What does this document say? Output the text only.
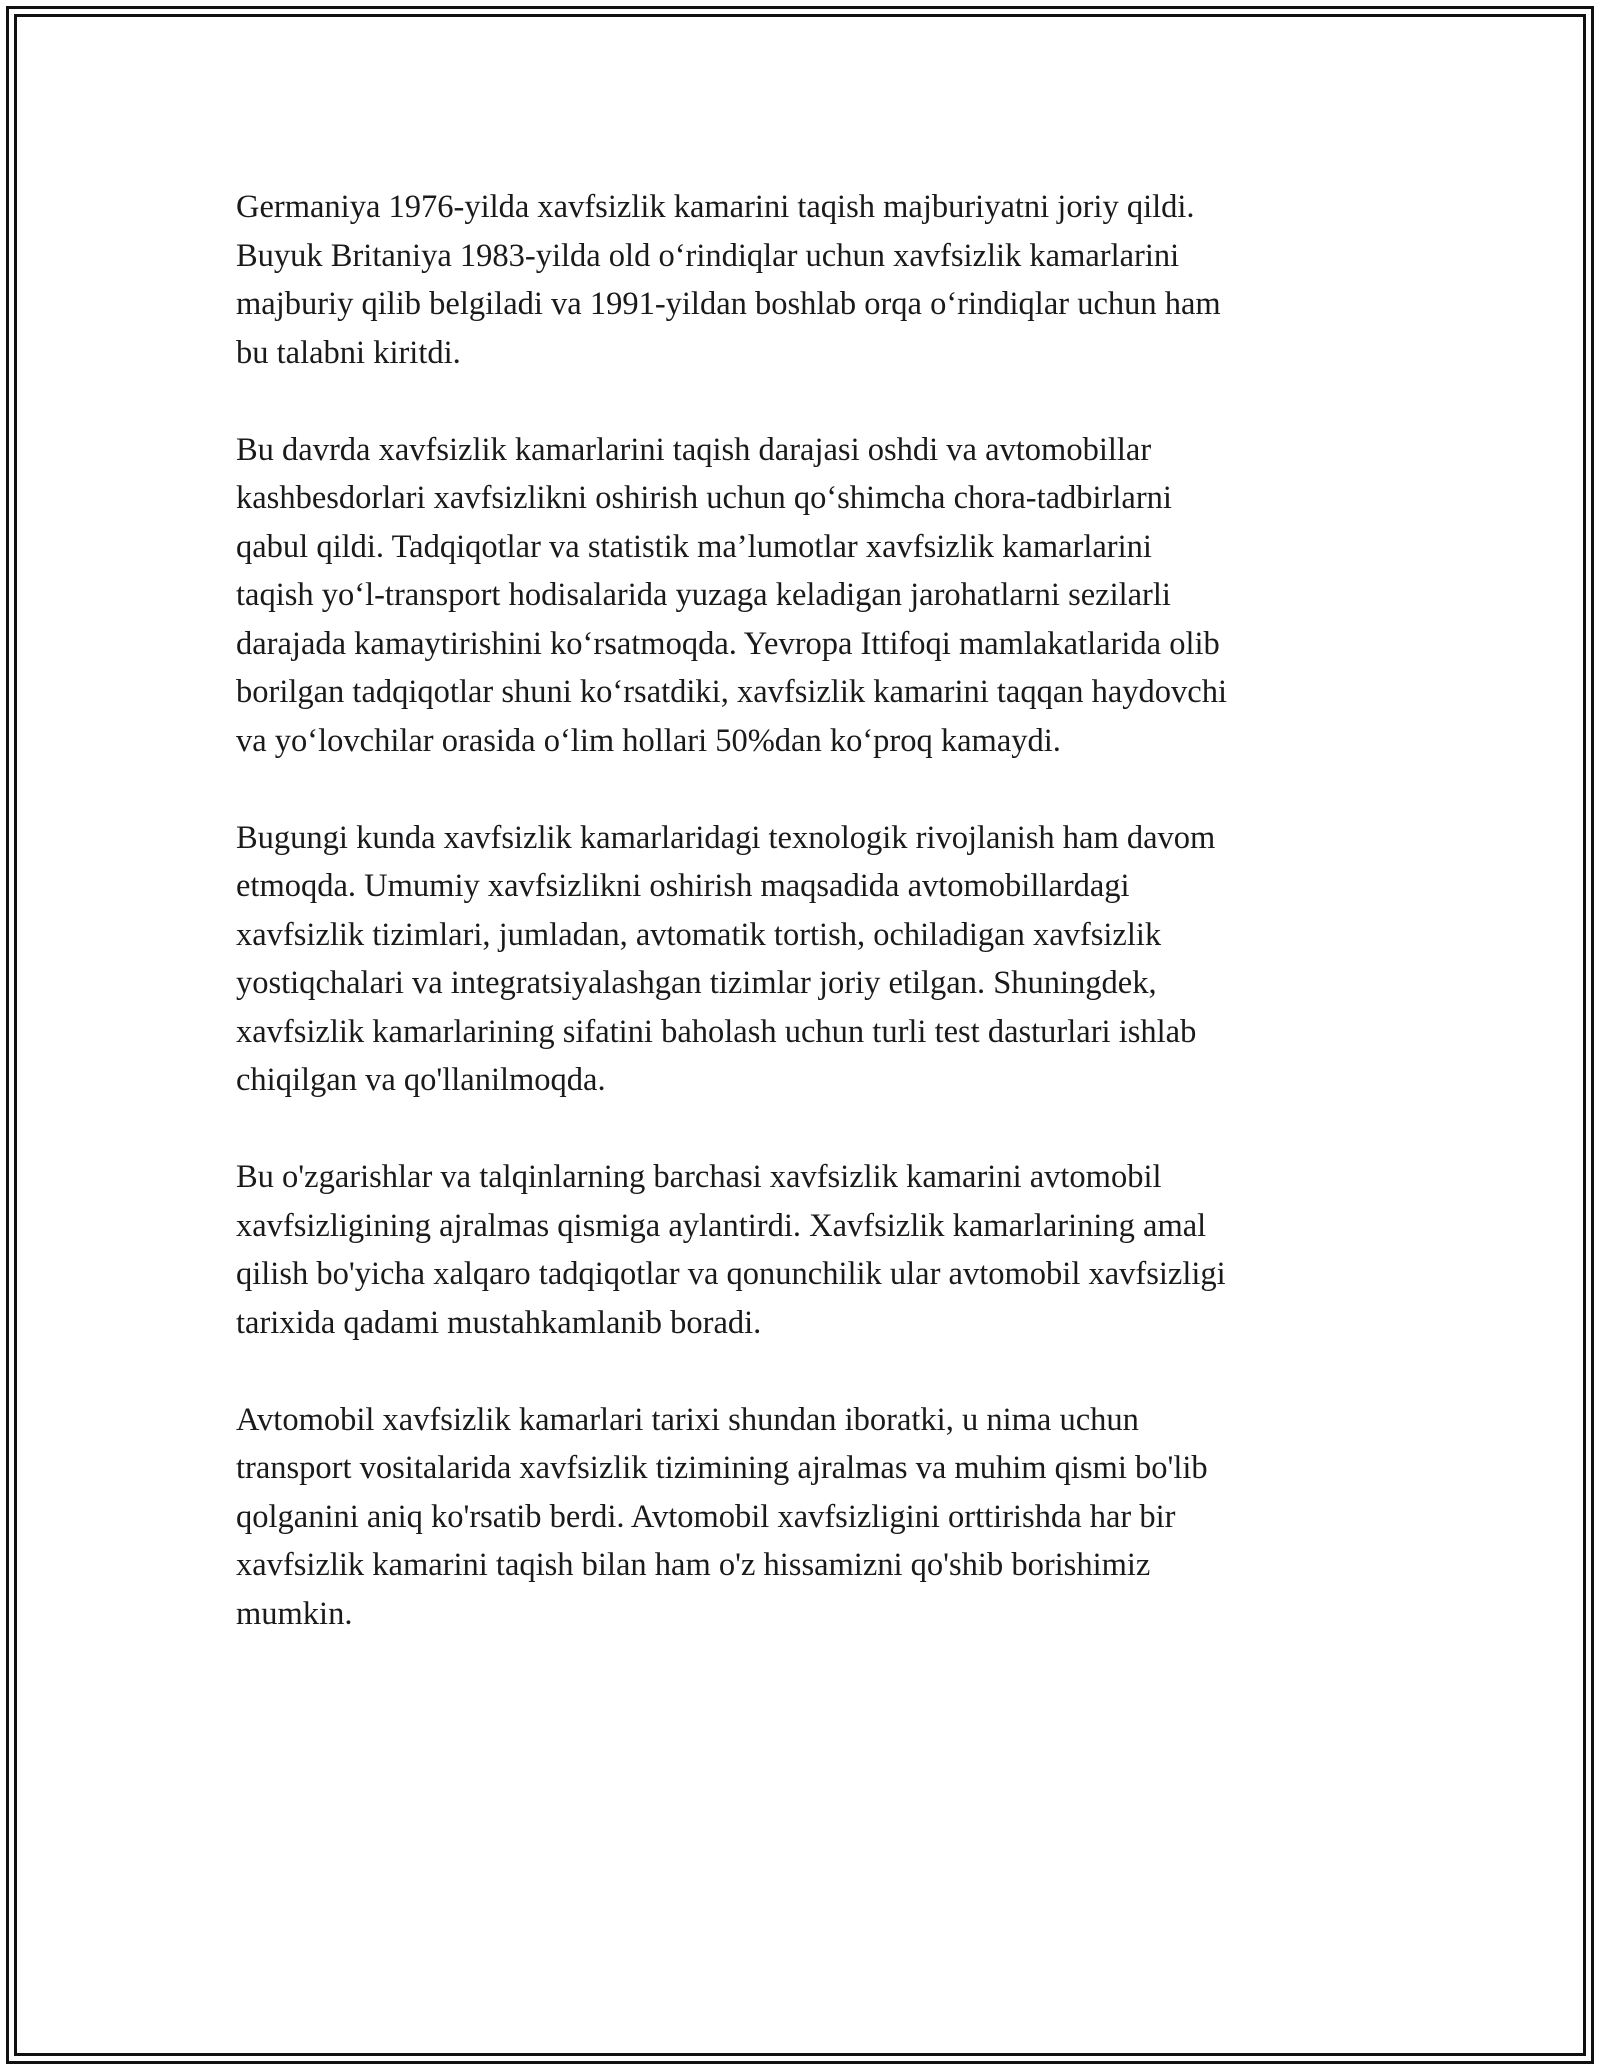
Germaniya 1976-yilda xavfsizlik kamarini taqish majburiyatni joriy qildi.
Buyuk Britaniya 1983-yilda old o‘rindiqlar uchun xavfsizlik kamarlarini
majburiy qilib belgiladi va 1991-yildan boshlab orqa o‘rindiqlar uchun ham
bu talabni kiritdi.

Bu davrda xavfsizlik kamarlarini taqish darajasi oshdi va avtomobillar
kashbesdorlari xavfsizlikni oshirish uchun qo‘shimcha chora-tadbirlarni
qabul qildi. Tadqiqotlar va statistik ma’lumotlar xavfsizlik kamarlarini
taqish yo‘l-transport hodisalarida yuzaga keladigan jarohatlarni sezilarli
darajada kamaytirishini ko‘rsatmoqda. Yevropa Ittifoqi mamlakatlarida olib
borilgan tadqiqotlar shuni ko‘rsatdiki, xavfsizlik kamarini taqqan haydovchi
va yo‘lovchilar orasida o‘lim hollari 50%dan ko‘proq kamaydi.

Bugungi kunda xavfsizlik kamarlaridagi texnologik rivojlanish ham davom
etmoqda. Umumiy xavfsizlikni oshirish maqsadida avtomobillardagi
xavfsizlik tizimlari, jumladan, avtomatik tortish, ochiladigan xavfsizlik
yostiqchalari va integratsiyalashgan tizimlar joriy etilgan. Shuningdek,
xavfsizlik kamarlarining sifatini baholash uchun turli test dasturlari ishlab
chiqilgan va qo'llanilmoqda.

Bu o'zgarishlar va talqinlarning barchasi xavfsizlik kamarini avtomobil
xavfsizligining ajralmas qismiga aylantirdi. Xavfsizlik kamarlarining amal
qilish bo'yicha xalqaro tadqiqotlar va qonunchilik ular avtomobil xavfsizligi
tarixida qadami mustahkamlanib boradi.

Avtomobil xavfsizlik kamarlari tarixi shundan iboratki, u nima uchun
transport vositalarida xavfsizlik tizimining ajralmas va muhim qismi bo'lib
qolganini aniq ko'rsatib berdi. Avtomobil xavfsizligini orttirishda har bir
xavfsizlik kamarini taqish bilan ham o'z hissamizni qo'shib borishimiz
mumkin.
